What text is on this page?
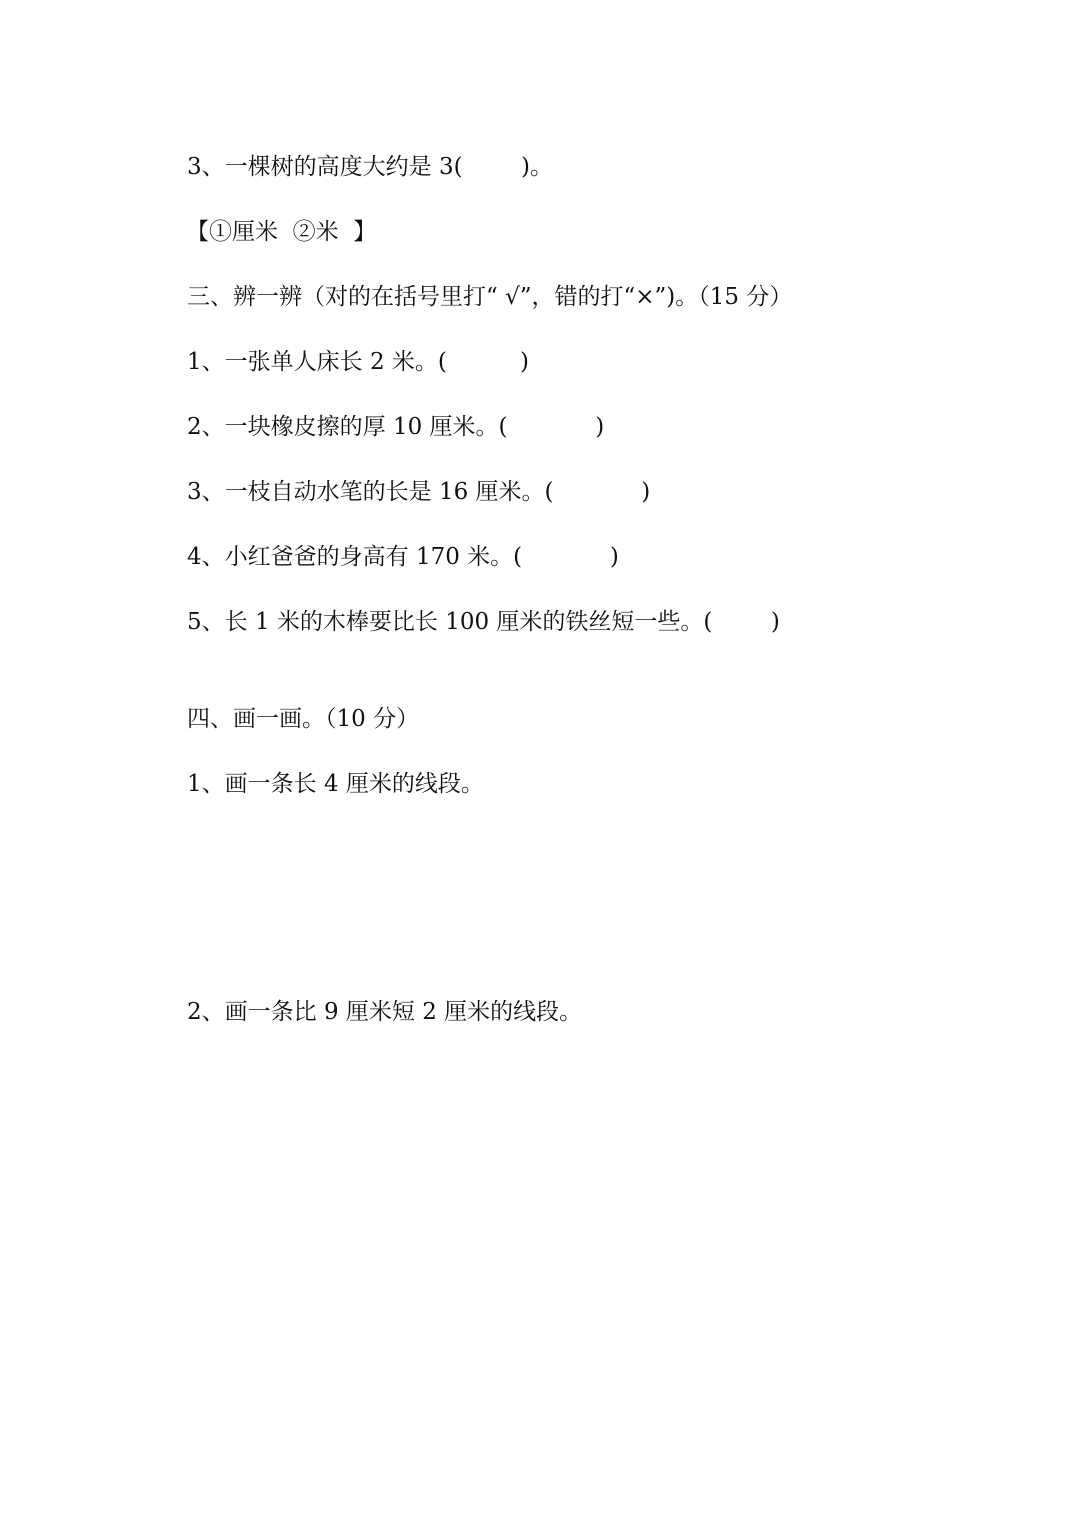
3、一棵树的高度大约是 3(        )。
【①厘米  ②米  】
三、辨一辨（对的在括号里打“ √”，错的打“×”)。（15 分）
1、一张单人床长 2 米。(          )
2、一块橡皮擦的厚 10 厘米。(            )
3、一枝自动水笔的长是 16 厘米。(            )
4、小红爸爸的身高有 170 米。(            )
5、长 1 米的木棒要比长 100 厘米的铁丝短一些。(        )
四、画一画。（10 分）
1、画一条长 4 厘米的线段。
2、画一条比 9 厘米短 2 厘米的线段。
